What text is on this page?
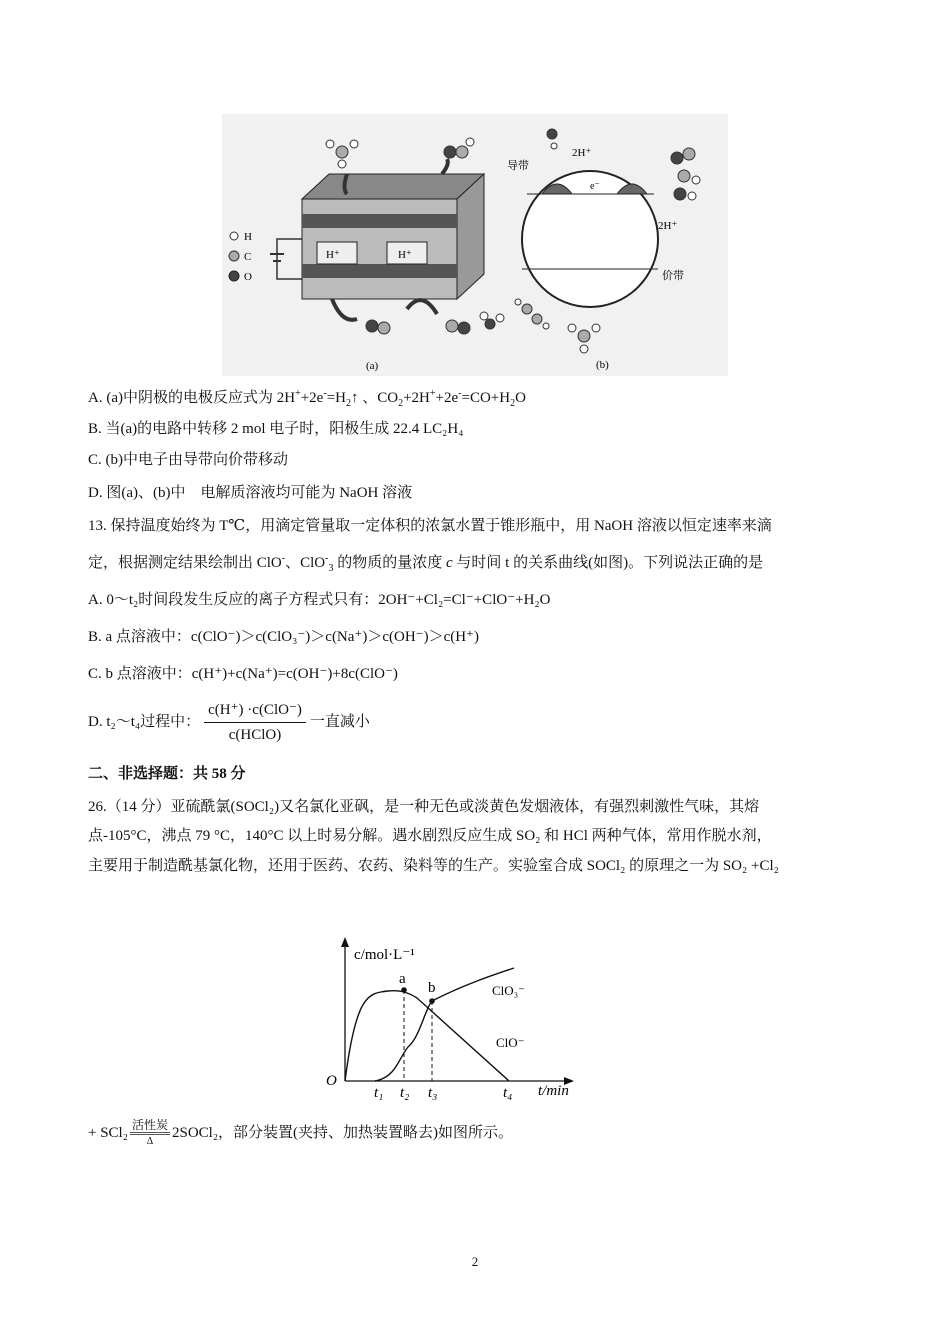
H
C
O
H⁺	H⁺
(a)
导带
2H⁺
e⁻
2H⁺
价带
(b)
A. (a)中阴极的电极反应式为 $2H^++2e^-=H_2↑$ 、$CO_2+2H^++2e^-=CO+H_2O$
B. 当(a)的电路中转移 2 mol 电子时，阳极生成 22.4 LC₂H₄
C. (b)中电子由导带向价带移动
D. 图(a)、(b)中　电解质溶液均可能为 NaOH 溶液
13. 保持温度始终为 T℃，用滴定管量取一定体积的浓氯水置于锥形瓶中，用 NaOH 溶液以恒定速率来滴
定，根据测定结果绘制出 ClO-、ClO-$_3$ 的物质的量浓度 c 与时间 t 的关系曲线(如图)。下列说法正确的是
A. 0～t₂时间段发生反应的离子方程式只有：2OH⁻+Cl₂=Cl⁻+ClO⁻+H₂O
B. a 点溶液中：c(ClO⁻)＞c(ClO₃⁻)＞c(Na⁺)＞c(OH⁻)＞c(H⁺)
C. b 点溶液中：c(H⁺)+c(Na⁺)=c(OH⁻)+8c(ClO⁻)
D. t₂～t₄过程中： $\frac{\text{c(H⁺) ·c(ClO⁻)}}{\text{c(HClO)}}$ 一直减小
二、非选择题：共 58 分
26.（14 分）亚硫酰氯(SOCl₂)又名氯化亚砜，是一种无色或淡黄色发烟液体，有强烈刺激性气味，其熔
点-105°C，沸点 79 °C，140°C 以上时易分解。遇水剧烈反应生成 SO₂ 和 HCl 两种气体，常用作脱水剂，
主要用于制造酰基氯化物，还用于医药、农药、染料等的生产。实验室合成 SOCl₂ 的原理之一为 SO₂ +Cl₂
c/mol·L⁻¹
t/min
O
a
b	ClO₃⁻
ClO⁻
t₁ t₂ t₃	t₄
+ SCl₂ 活性炭
Δ
2SOCl₂，部分装置(夹持、加热装置略去)如图所示。
2
